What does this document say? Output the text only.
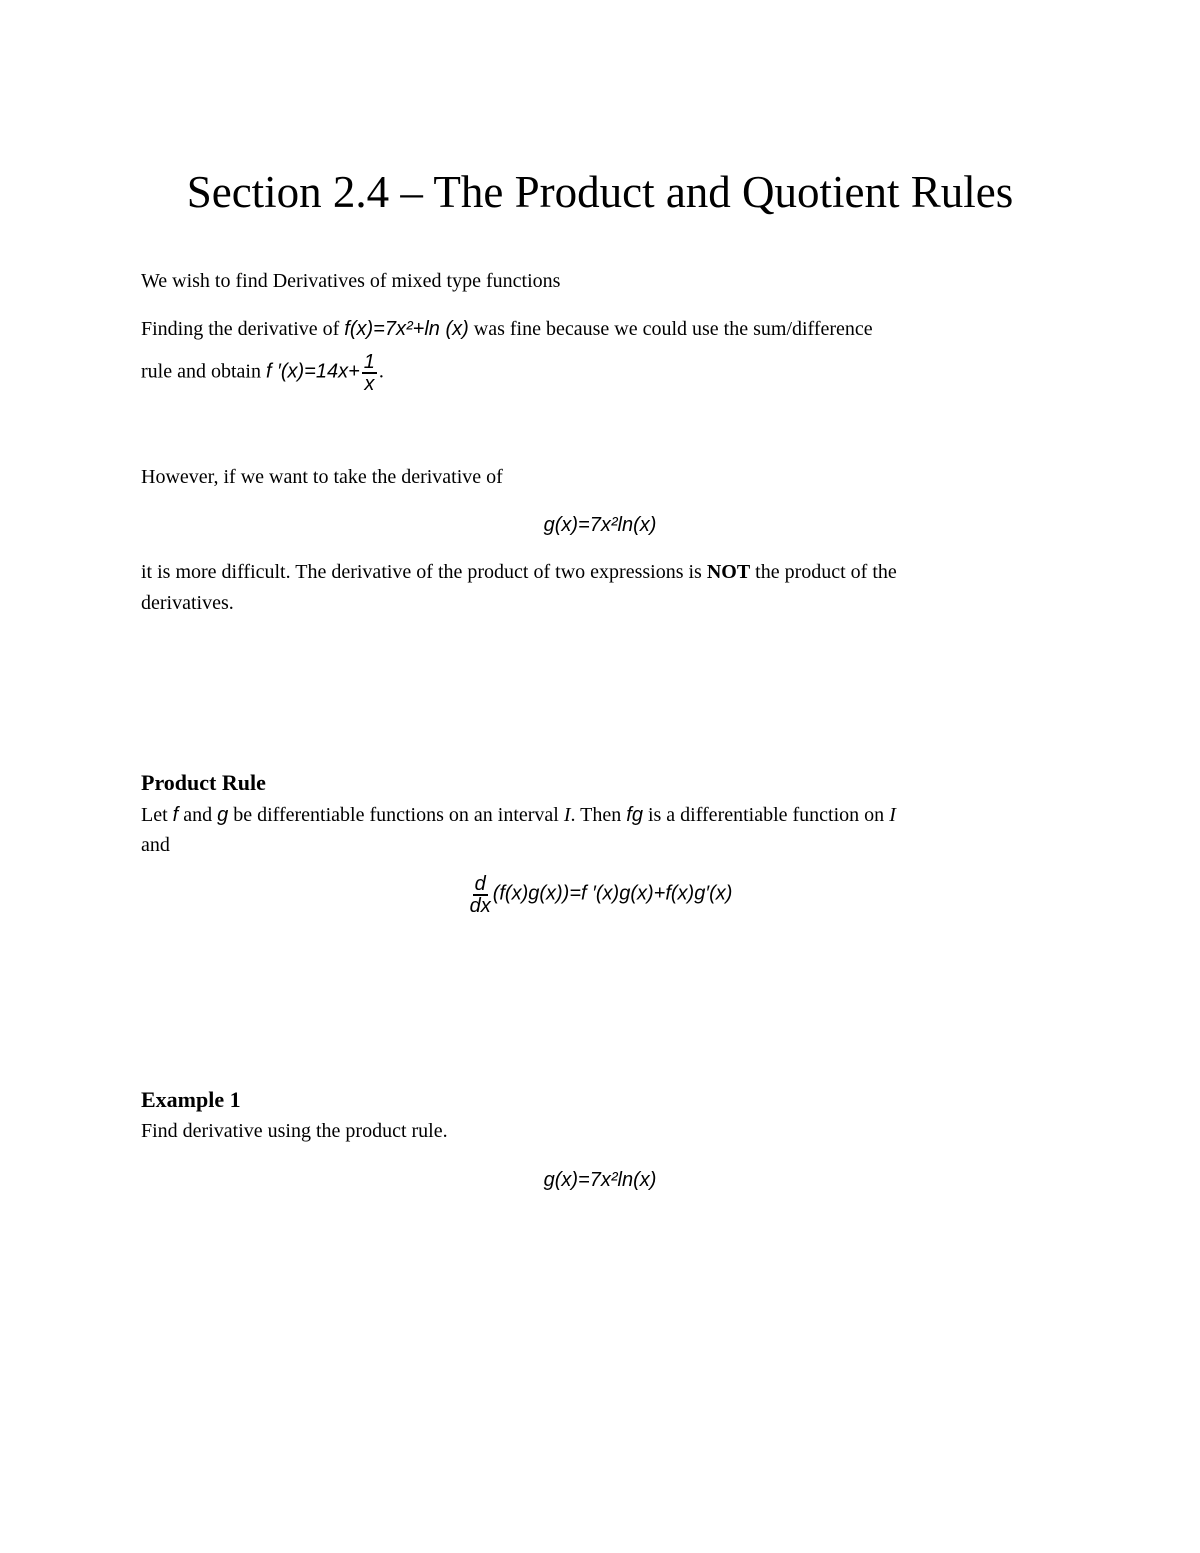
Section 2.4 – The Product and Quotient Rules
We wish to find Derivatives of mixed type functions
Finding the derivative of f(x)=7x²+ln (x) was fine because we could use the sum/difference
rule and obtain f $'(x)=14x+ \frac{1}{x}$ .
However, if we want to take the derivative of
g(x)=7x²ln(x)
it is more difficult. The derivative of the product of two expressions is NOT the product of the
derivatives.
Product Rule
Let f and g be differentiable functions on an interval I. Then fg is a differentiable function on I
and
$\frac{d}{dx} (f(x)g(x))=f$ ′(x)g(x)+f(x)g′(x)
Example 1
Find derivative using the product rule.
g(x)=7x²ln(x)
